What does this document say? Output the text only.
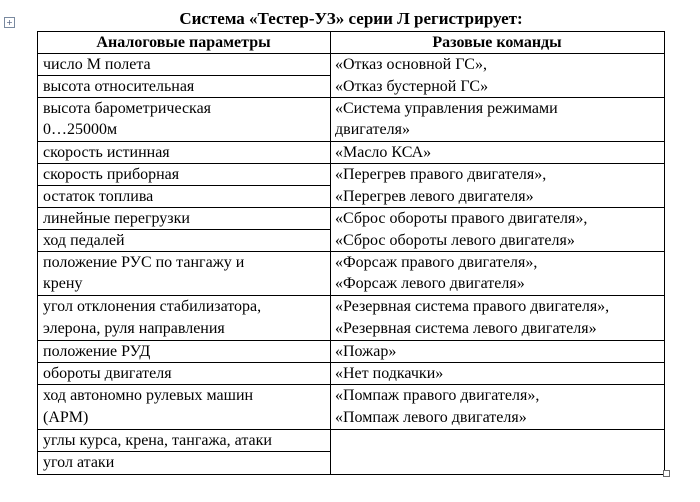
+	Система «Тестер-УЗ» серии Л регистрирует:
Аналоговые параметры	Разовые команды
число М полета
высота относительная
высота барометрическая
0…25000м
скорость истинная
скорость приборная
остаток топлива
линейные перегрузки
ход педалей
положение РУС по тангажу и
крену
угол отклонения стабилизатора,
элерона, руля направления
положение РУД
обороты двигателя
ход автономно рулевых машин
(АРМ)
углы курса, крена, тангажа, атаки
угол атаки
«Отказ основной ГС»,
«Отказ бустерной ГС»
«Система управления режимами
двигателя»
«Масло КСА»
«Перегрев правого двигателя»,
«Перегрев левого двигателя»
«Сброс обороты правого двигателя»,
«Сброс обороты левого двигателя»
«Форсаж правого двигателя»,
«Форсаж левого двигателя»
«Резервная система правого двигателя»,
«Резервная система левого двигателя»
«Пожар»
«Нет подкачки»
«Помпаж правого двигателя»,
«Помпаж левого двигателя»
